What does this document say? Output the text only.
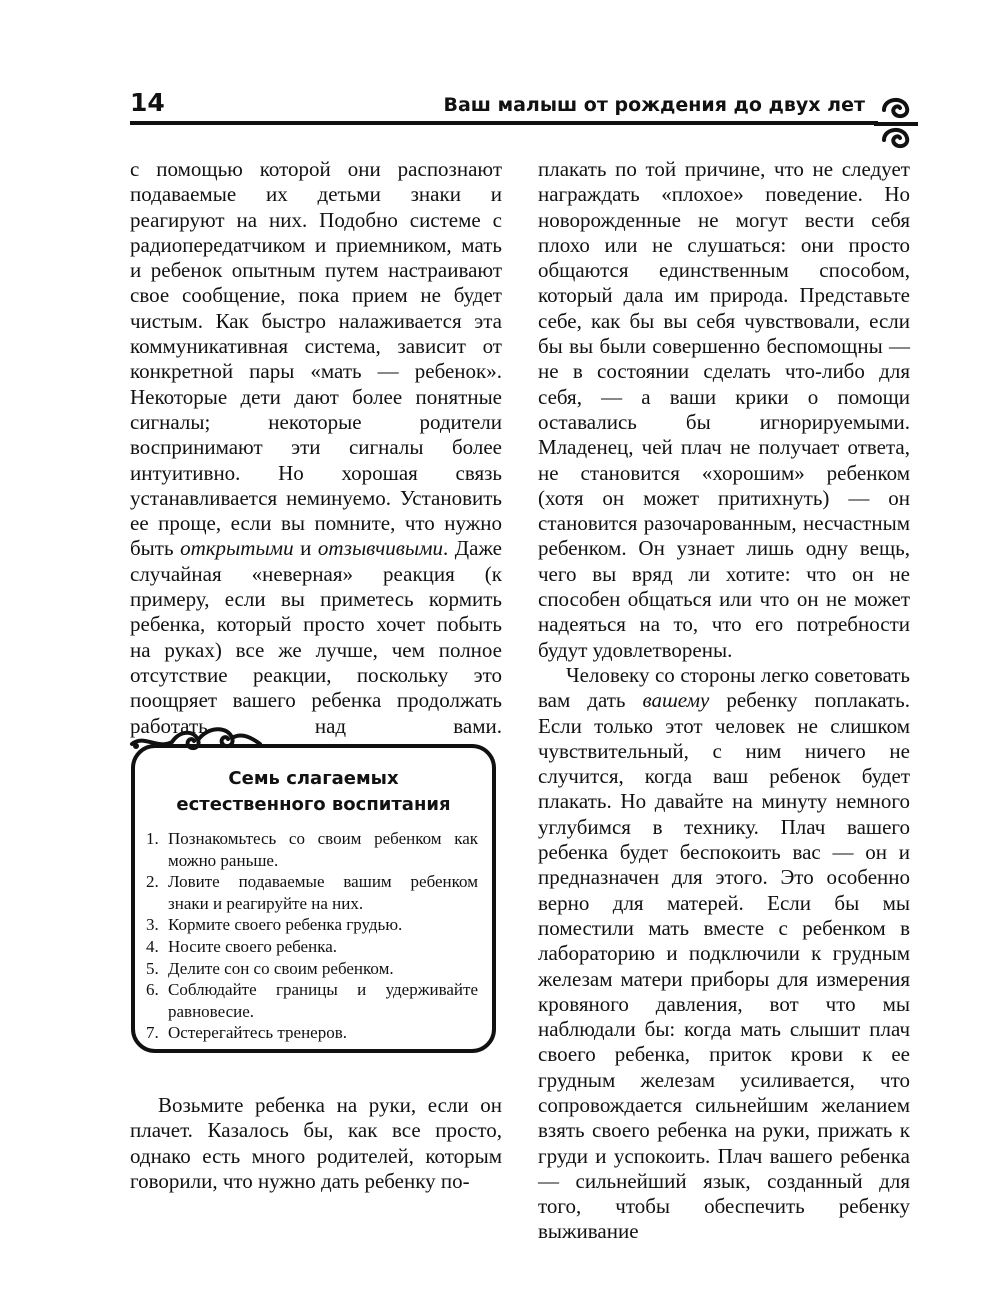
14	Ваш малыш от рождения до двух лет

с помощью которой они распознают подаваемые их детьми знаки и реагируют на них. Подобно системе с радиопередатчиком и приемником, мать и ребенок опытным путем настраивают свое сообщение, пока прием не будет чистым. Как быстро налаживается эта коммуникативная система, зависит от конкретной пары «мать — ребенок». Некоторые дети дают более понятные сигналы; некоторые родители воспринимают эти сигналы более интуитивно. Но хорошая связь устанавливается неминуемо. Установить ее проще, если вы помните, что нужно быть открытыми и отзывчивыми. Даже случайная «неверная» реакция (к примеру, если вы приметесь кормить ребенка, который просто хочет побыть на руках) все же лучше, чем полное отсутствие реакции, поскольку это поощряет вашего ребенка продолжать работать над вами.

Семь слагаемых
естественного воспитания
1. Познакомьтесь со своим ребенком как можно раньше.
2. Ловите подаваемые вашим ребенком знаки и реагируйте на них.
3. Кормите своего ребенка грудью.
4. Носите своего ребенка.
5. Делите сон со своим ребенком.
6. Соблюдайте границы и удерживайте равновесие.
7. Остерегайтесь тренеров.

Возьмите ребенка на руки, если он плачет. Казалось бы, как все просто, однако есть много родителей, которым говорили, что нужно дать ребенку по-

плакать по той причине, что не следует награждать «плохое» поведение. Но новорожденные не могут вести себя плохо или не слушаться: они просто общаются единственным способом, который дала им природа. Представьте себе, как бы вы себя чувствовали, если бы вы были совершенно беспомощны — не в состоянии сделать что-либо для себя, — а ваши крики о помощи оставались бы игнорируемыми. Младенец, чей плач не получает ответа, не становится «хорошим» ребенком (хотя он может притихнуть) — он становится разочарованным, несчастным ребенком. Он узнает лишь одну вещь, чего вы вряд ли хотите: что он не способен общаться или что он не может надеяться на то, что его потребности будут удовлетворены.

Человеку со стороны легко советовать вам дать вашему ребенку поплакать. Если только этот человек не слишком чувствительный, с ним ничего не случится, когда ваш ребенок будет плакать. Но давайте на минуту немного углубимся в технику. Плач вашего ребенка будет беспокоить вас — он и предназначен для этого. Это особенно верно для матерей. Если бы мы поместили мать вместе с ребенком в лабораторию и подключили к грудным железам матери приборы для измерения кровяного давления, вот что мы наблюдали бы: когда мать слышит плач своего ребенка, приток крови к ее грудным железам усиливается, что сопровождается сильнейшим желанием взять своего ребенка на руки, прижать к груди и успокоить. Плач вашего ребенка — сильнейший язык, созданный для того, чтобы обеспечить ребенку выживание
